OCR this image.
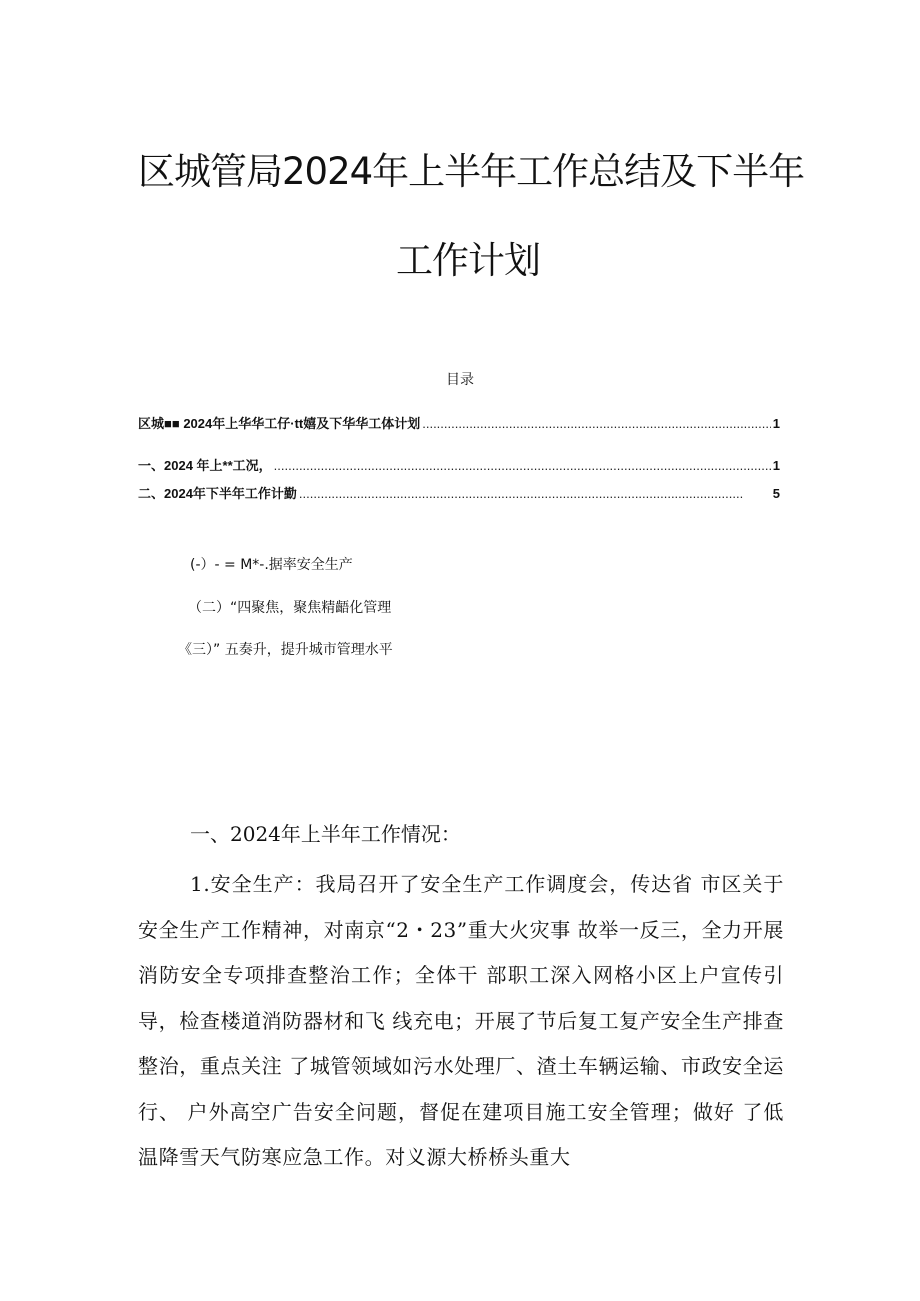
区城管局2024年上半年工作总结及下半年
工作计划
目录
区城■■ 2024年上华华工仔·tt嬉及下华华工体计划 .....	1
一、2024 年上**工况， .....	1
二、2024年下半年工作计勤 .....	5
(-）- = M*-.据率安全生产
（二）“四聚焦，聚焦精齬化管理
《三）” 五奏升，提升城市管理水平
一、2024年上半年工作情况：

1.安全生产：我局召开了安全生产工作调度会，传达省 市区关于安全生产工作精神，对南京“2・23”重大火灾事 故举一反三，全力开展消防安全专项排查整治工作；全体干 部职工深入网格小区上户宣传引导，检查楼道消防器材和飞 线充电；开展了节后复工复产安全生产排查整治，重点关注 了城管领域如污水处理厂、渣土车辆运输、市政安全运行、 户外高空广告安全问题，督促在建项目施工安全管理；做好 了低温降雪天气防寒应急工作。对义源大桥桥头重大
